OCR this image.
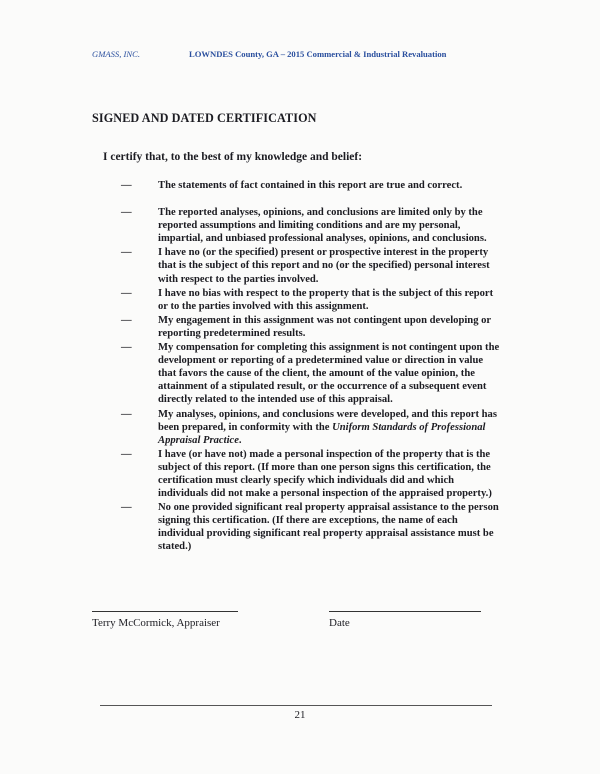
GMASS, INC.	LOWNDES County, GA – 2015 Commercial & Industrial Revaluation
SIGNED AND DATED CERTIFICATION
I certify that, to the best of my knowledge and belief:
—	The statements of fact contained in this report are true and correct.
—	The reported analyses, opinions, and conclusions are limited only by the reported assumptions and limiting conditions and are my personal, impartial, and unbiased professional analyses, opinions, and conclusions.
—	I have no (or the specified) present or prospective interest in the property that is the subject of this report and no (or the specified) personal interest with respect to the parties involved.
—	I have no bias with respect to the property that is the subject of this report or to the parties involved with this assignment.
—	My engagement in this assignment was not contingent upon developing or reporting predetermined results.
—	My compensation for completing this assignment is not contingent upon the development or reporting of a predetermined value or direction in value that favors the cause of the client, the amount of the value opinion, the attainment of a stipulated result, or the occurrence of a subsequent event directly related to the intended use of this appraisal.
—	My analyses, opinions, and conclusions were developed, and this report has been prepared, in conformity with the Uniform Standards of Professional Appraisal Practice.
—	I have (or have not) made a personal inspection of the property that is the subject of this report. (If more than one person signs this certification, the certification must clearly specify which individuals did and which individuals did not make a personal inspection of the appraised property.)
—	No one provided significant real property appraisal assistance to the person signing this certification. (If there are exceptions, the name of each individual providing significant real property appraisal assistance must be stated.)
Terry McCormick, Appraiser	Date
21
